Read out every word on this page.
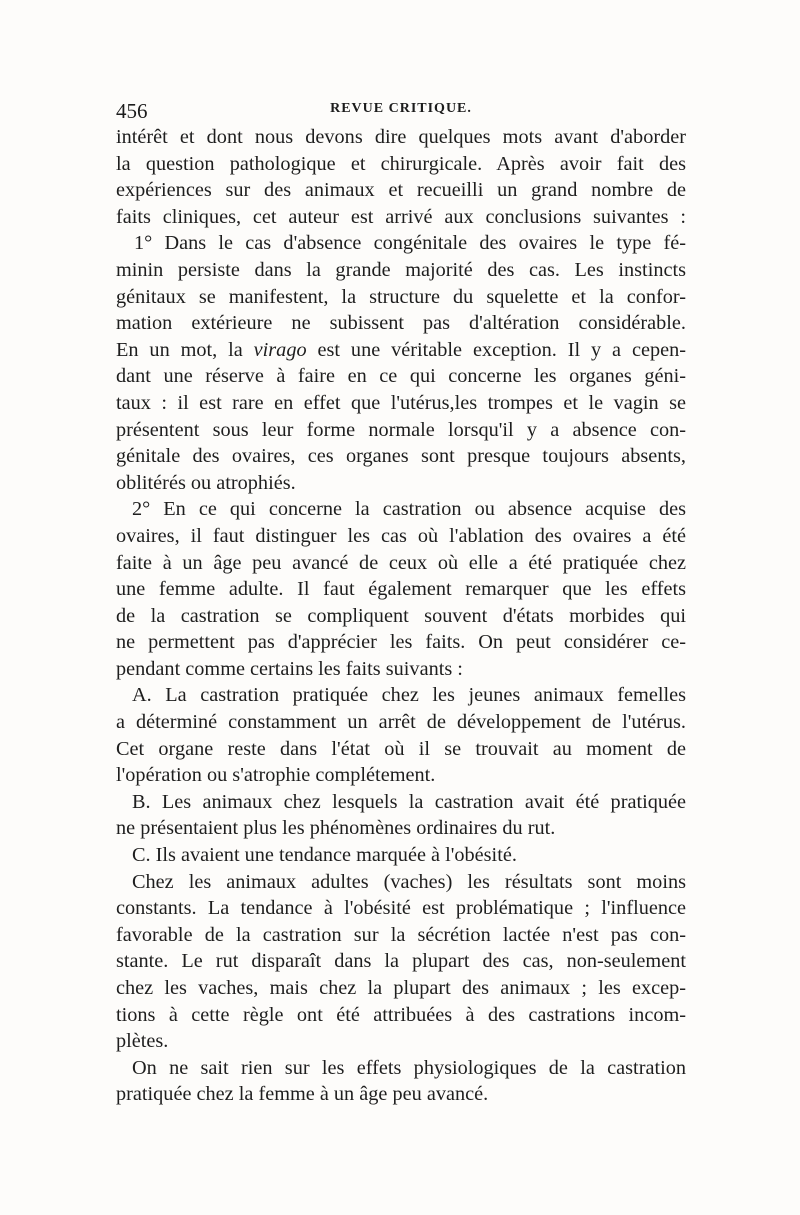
456	REVUE CRITIQUE.
intérêt et dont nous devons dire quelques mots avant d'aborder
la question pathologique et chirurgicale. Après avoir fait des
expériences sur des animaux et recueilli un grand nombre de
faits cliniques, cet auteur est arrivé aux conclusions suivantes :
1° Dans le cas d'absence congénitale des ovaires le type fé-
minin persiste dans la grande majorité des cas. Les instincts
génitaux se manifestent, la structure du squelette et la confor-
mation extérieure ne subissent pas d'altération considérable.
En un mot, la virago est une véritable exception. Il y a cepen-
dant une réserve à faire en ce qui concerne les organes géni-
taux : il est rare en effet que l'utérus,les trompes et le vagin se
présentent sous leur forme normale lorsqu'il y a absence con-
génitale des ovaires, ces organes sont presque toujours absents,
oblitérés ou atrophiés.
2° En ce qui concerne la castration ou absence acquise des
ovaires, il faut distinguer les cas où l'ablation des ovaires a été
faite à un âge peu avancé de ceux où elle a été pratiquée chez
une femme adulte. Il faut également remarquer que les effets
de la castration se compliquent souvent d'états morbides qui
ne permettent pas d'apprécier les faits. On peut considérer ce-
pendant comme certains les faits suivants :
A. La castration pratiquée chez les jeunes animaux femelles
a déterminé constamment un arrêt de développement de l'utérus.
Cet organe reste dans l'état où il se trouvait au moment de
l'opération ou s'atrophie complétement.
B. Les animaux chez lesquels la castration avait été pratiquée
ne présentaient plus les phénomènes ordinaires du rut.
C. Ils avaient une tendance marquée à l'obésité.
Chez les animaux adultes (vaches) les résultats sont moins
constants. La tendance à l'obésité est problématique ; l'influence
favorable de la castration sur la sécrétion lactée n'est pas con-
stante. Le rut disparaît dans la plupart des cas, non-seulement
chez les vaches, mais chez la plupart des animaux ; les excep-
tions à cette règle ont été attribuées à des castrations incom-
plètes.
On ne sait rien sur les effets physiologiques de la castration
pratiquée chez la femme à un âge peu avancé.
